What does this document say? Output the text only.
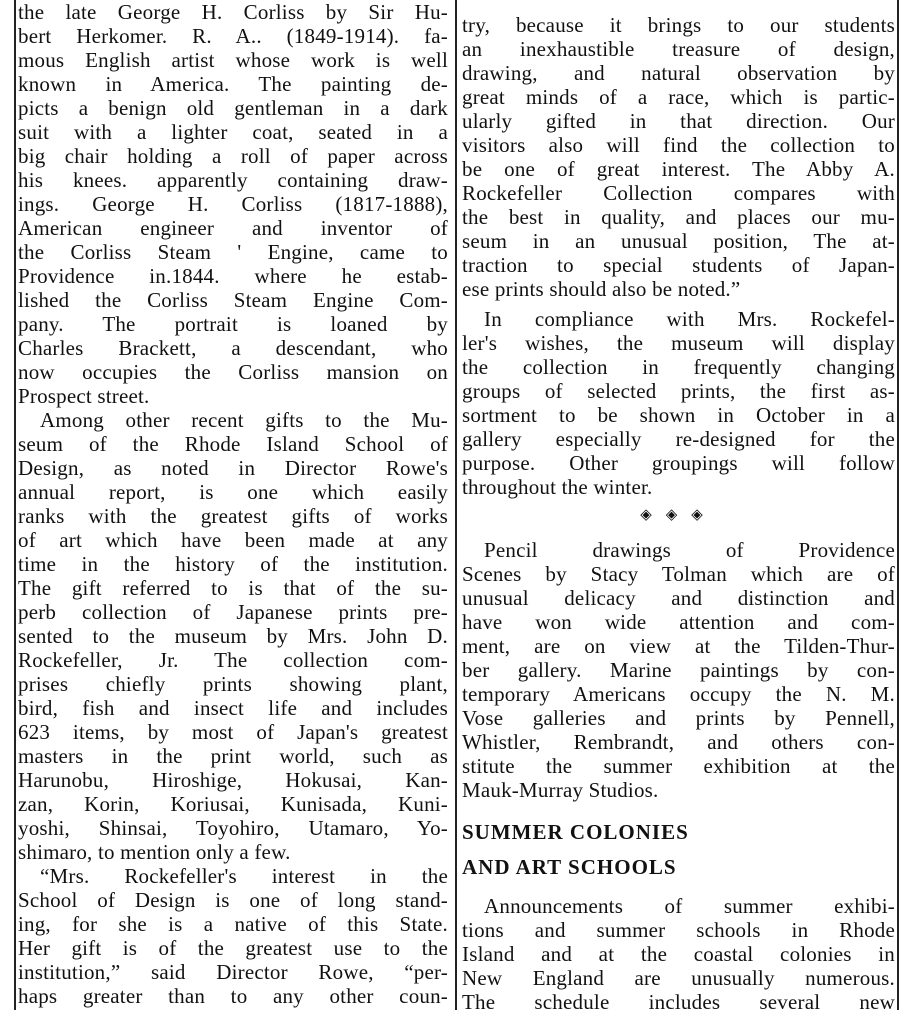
the late George H. Corliss by Sir Hu-
bert Herkomer. R. A.. (1849-1914). fa-
mous English artist whose work is well
known in America. The painting de-
picts a benign old gentleman in a dark
suit with a lighter coat, seated in a
big chair holding a roll of paper across
his knees. apparently containing draw-
ings. George H. Corliss (1817-1888),
American engineer and inventor of
the Corliss Steam ' Engine, came to
Providence in.1844. where he estab-
lished the Corliss Steam Engine Com-
pany. The portrait is loaned by
Charles Brackett, a descendant, who
now occupies the Corliss mansion on
Prospect street.
Among other recent gifts to the Mu-
seum of the Rhode Island School of
Design, as noted in Director Rowe's
annual report, is one which easily
ranks with the greatest gifts of works
of art which have been made at any
time in the history of the institution.
The gift referred to is that of the su-
perb collection of Japanese prints pre-
sented to the museum by Mrs. John D.
Rockefeller, Jr. The collection com-
prises chiefly prints showing plant,
bird, fish and insect life and includes
623 items, by most of Japan's greatest
masters in the print world, such as
Harunobu, Hiroshige, Hokusai, Kan-
zan, Korin, Koriusai, Kunisada, Kuni-
yoshi, Shinsai, Toyohiro, Utamaro, Yo-
shimaro, to mention only a few.
“Mrs. Rockefeller's interest in the
School of Design is one of long stand-
ing, for she is a native of this State.
Her gift is of the greatest use to the
institution,” said Director Rowe, “per-
haps greater than to any other coun-
try, because it brings to our students
an inexhaustible treasure of design,
drawing, and natural observation by
great minds of a race, which is partic-
ularly gifted in that direction. Our
visitors also will find the collection to
be one of great interest. The Abby A.
Rockefeller Collection compares with
the best in quality, and places our mu-
seum in an unusual position, The at-
traction to special students of Japan-
ese prints should also be noted.”
In compliance with Mrs. Rockefel-
ler's wishes, the museum will display
the collection in frequently changing
groups of selected prints, the first as-
sortment to be shown in October in a
gallery especially re-designed for the
purpose. Other groupings will follow
throughout the winter.
◈◈◈
Pencil drawings of Providence
Scenes by Stacy Tolman which are of
unusual delicacy and distinction and
have won wide attention and com-
ment, are on view at the Tilden-Thur-
ber gallery. Marine paintings by con-
temporary Americans occupy the N. M.
Vose galleries and prints by Pennell,
Whistler, Rembrandt, and others con-
stitute the summer exhibition at the
Mauk-Murray Studios.
SUMMER COLONIES
AND ART SCHOOLS
Announcements of summer exhibi-
tions and summer schools in Rhode
Island and at the coastal colonies in
New England are unusually numerous.
The schedule includes several new
